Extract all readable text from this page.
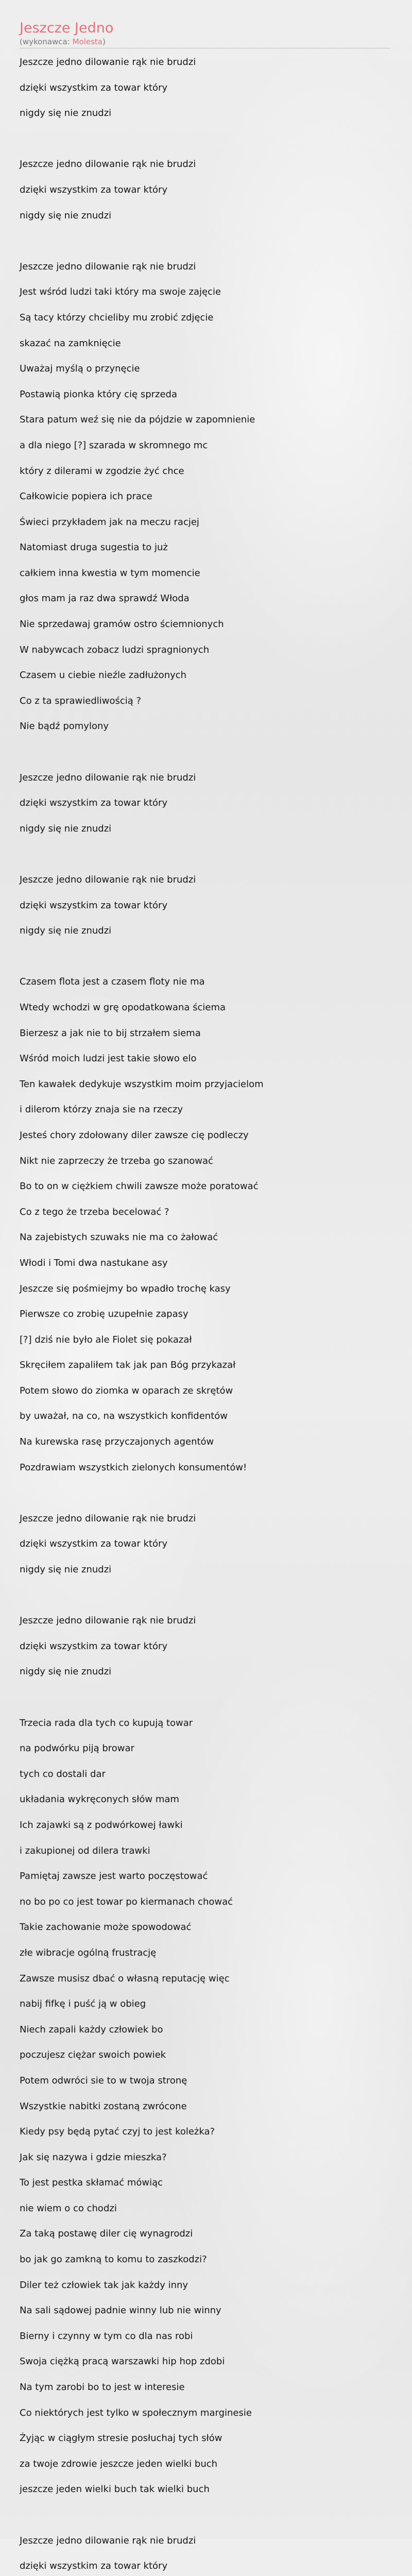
Jeszcze Jedno
(wykonawca: Molesta)
Jeszcze jedno dilowanie rąk nie brudzi
dzięki wszystkim za towar który
nigdy się nie znudzi
Jeszcze jedno dilowanie rąk nie brudzi
dzięki wszystkim za towar który
nigdy się nie znudzi
Jeszcze jedno dilowanie rąk nie brudzi
Jest wśród ludzi taki który ma swoje zajęcie
Są tacy którzy chcieliby mu zrobić zdjęcie
skazać na zamknięcie
Uważaj myślą o przynęcie
Postawią pionka który cię sprzeda
Stara patum weź się nie da pójdzie w zapomnienie
a dla niego [?] szarada w skromnego mc
który z dilerami w zgodzie żyć chce
Całkowicie popiera ich prace
Świeci przykładem jak na meczu racjej
Natomiast druga sugestia to już
całkiem inna kwestia w tym momencie
głos mam ja raz dwa sprawdź Włoda
Nie sprzedawaj gramów ostro ściemnionych
W nabywcach zobacz ludzi spragnionych
Czasem u ciebie nieźle zadłużonych
Co z ta sprawiedliwością ?
Nie bądź pomylony
Jeszcze jedno dilowanie rąk nie brudzi
dzięki wszystkim za towar który
nigdy się nie znudzi
Jeszcze jedno dilowanie rąk nie brudzi
dzięki wszystkim za towar który
nigdy się nie znudzi
Czasem flota jest a czasem floty nie ma
Wtedy wchodzi w grę opodatkowana ściema
Bierzesz a jak nie to bij strzałem siema
Wśród moich ludzi jest takie słowo elo
Ten kawałek dedykuje wszystkim moim przyjacielom
i dilerom którzy znaja sie na rzeczy
Jesteś chory zdołowany diler zawsze cię podleczy
Nikt nie zaprzeczy że trzeba go szanować
Bo to on w ciężkiem chwili zawsze może poratować
Co z tego że trzeba becelować ?
Na zajebistych szuwaks nie ma co żałować
Włodi i Tomi dwa nastukane asy
Jeszcze się pośmiejmy bo wpadło trochę kasy
Pierwsze co zrobię uzupełnie zapasy
[?] dziś nie było ale Fiolet się pokazał
Skręciłem zapaliłem tak jak pan Bóg przykazał
Potem słowo do ziomka w oparach ze skrętów
by uważał, na co, na wszystkich konfidentów
Na kurewska rasę przyczajonych agentów
Pozdrawiam wszystkich zielonych konsumentów!
Jeszcze jedno dilowanie rąk nie brudzi
dzięki wszystkim za towar który
nigdy się nie znudzi
Jeszcze jedno dilowanie rąk nie brudzi
dzięki wszystkim za towar który
nigdy się nie znudzi
Trzecia rada dla tych co kupują towar
na podwórku piją browar
tych co dostali dar
układania wykręconych słów mam
Ich zajawki są z podwórkowej ławki
i zakupionej od dilera trawki
Pamiętaj zawsze jest warto poczęstować
no bo po co jest towar po kiermanach chować
Takie zachowanie może spowodować
złe wibracje ogólną frustrację
Zawsze musisz dbać o własną reputację więc
nabij fifkę i puść ją w obieg
Niech zapali każdy człowiek bo
poczujesz ciężar swoich powiek
Potem odwróci sie to w twoja stronę
Wszystkie nabitki zostaną zwrócone
Kiedy psy będą pytać czyj to jest koleżka?
Jak się nazywa i gdzie mieszka?
To jest pestka skłamać mówiąc
nie wiem o co chodzi
Za taką postawę diler cię wynagrodzi
bo jak go zamkną to komu to zaszkodzi?
Diler też człowiek tak jak każdy inny
Na sali sądowej padnie winny lub nie winny
Bierny i czynny w tym co dla nas robi
Swoja ciężką pracą warszawki hip hop zdobi
Na tym zarobi bo to jest w interesie
Co niektórych jest tylko w społecznym marginesie
Żyjąc w ciągłym stresie posłuchaj tych słów
za twoje zdrowie jeszcze jeden wielki buch
jeszcze jeden wielki buch tak wielki buch
Jeszcze jedno dilowanie rąk nie brudzi
dzięki wszystkim za towar który
